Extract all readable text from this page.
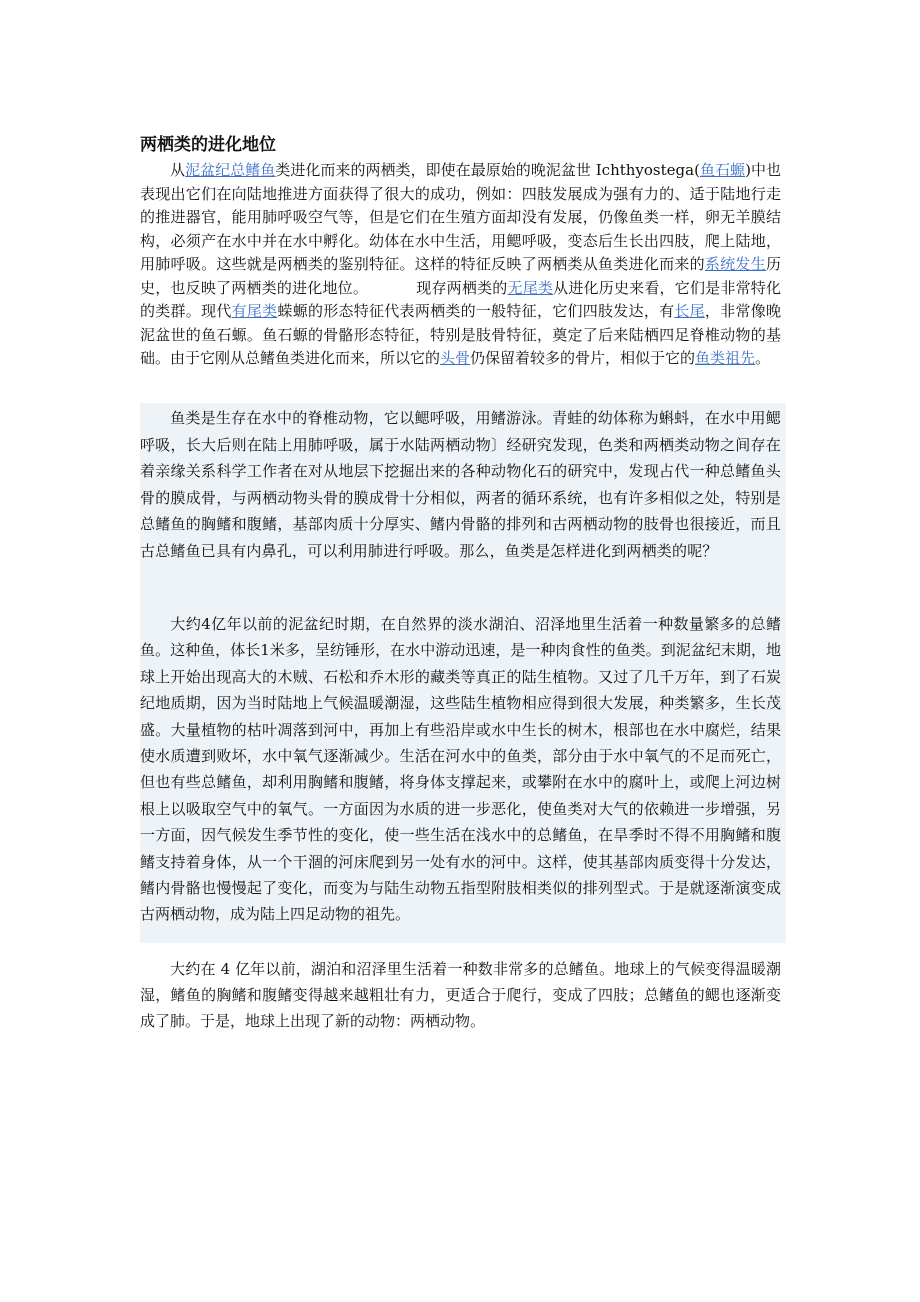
两栖类的进化地位

从泥盆纪总鳍鱼类进化而来的两栖类，即使在最原始的晚泥盆世 Ichthyostega(鱼石螈)中也表现出它们在向陆地推进方面获得了很大的成功，例如：四肢发展成为强有力的、适于陆地行走的推进器官，能用肺呼吸空气等，但是它们在生殖方面却没有发展，仍像鱼类一样，卵无羊膜结构，必须产在水中并在水中孵化。幼体在水中生活，用鳃呼吸，变态后生长出四肢，爬上陆地，用肺呼吸。这些就是两栖类的鉴别特征。这样的特征反映了两栖类从鱼类进化而来的系统发生历史，也反映了两栖类的进化地位。	现存两栖类的无尾类从进化历史来看，它们是非常特化的类群。现代有尾类蝾螈的形态特征代表两栖类的一般特征，它们四肢发达，有长尾，非常像晚泥盆世的鱼石螈。鱼石螈的骨骼形态特征，特别是肢骨特征，奠定了后来陆栖四足脊椎动物的基础。由于它刚从总鳍鱼类进化而来，所以它的头骨仍保留着较多的骨片，相似于它的鱼类祖先。

鱼类是生存在水中的脊椎动物，它以鳃呼吸，用鳍游泳。青蛙的幼体称为蝌蚪，在水中用鳃呼吸，长大后则在陆上用肺呼吸，属于水陆两栖动物〕经研究发现，色类和两栖类动物之间存在着亲缘关系科学工作者在对从地层下挖掘出来的各种动物化石的研究中，发现占代一种总鳍鱼头骨的膜成骨，与两栖动物头骨的膜成骨十分相似，两者的循环系统，也有许多相似之处，特别是总鳍鱼的胸鳍和腹鳍，基部肉质十分厚实、鳍内骨骼的排列和古两栖动物的肢骨也很接近，而且古总鳍鱼已具有内鼻孔，可以利用肺进行呼吸。那么，鱼类是怎样进化到两栖类的呢？

大约4亿年以前的泥盆纪时期，在自然界的淡水湖泊、沼泽地里生活着一种数量繁多的总鳍鱼。这种鱼，体长1米多，呈纺锤形，在水中游动迅速，是一种肉食性的鱼类。到泥盆纪末期，地球上开始出现高大的木贼、石松和乔木形的藏类等真正的陆生植物。又过了几千万年，到了石炭纪地质期，因为当时陆地上气候温暖潮湿，这些陆生植物相应得到很大发展，种类繁多，生长茂盛。大量植物的枯叶凋落到河中，再加上有些沿岸或水中生长的树木，根部也在水中腐烂，结果使水质遭到败坏，水中氧气逐渐减少。生活在河水中的鱼类，部分由于水中氧气的不足而死亡，但也有些总鳍鱼，却利用胸鳍和腹鳍，将身体支撑起来，或攀附在水中的腐叶上，或爬上河边树根上以吸取空气中的氧气。一方面因为水质的进一步恶化，使鱼类对大气的依赖进一步增强，另一方面，因气候发生季节性的变化，使一些生活在浅水中的总鳍鱼，在旱季时不得不用胸鳍和腹鳍支持着身体，从一个干涸的河床爬到另一处有水的河中。这样，使其基部肉质变得十分发达，鳍内骨骼也慢慢起了变化，而变为与陆生动物五指型附肢相类似的排列型式。于是就逐渐演变成古两栖动物，成为陆上四足动物的祖先。

大约在 4 亿年以前，湖泊和沼泽里生活着一种数非常多的总鳍鱼。地球上的气候变得温暖潮湿，鳍鱼的胸鳍和腹鳍变得越来越粗壮有力，更适合于爬行，变成了四肢；总鳍鱼的鳃也逐渐变成了肺。于是，地球上出现了新的动物：两栖动物。
